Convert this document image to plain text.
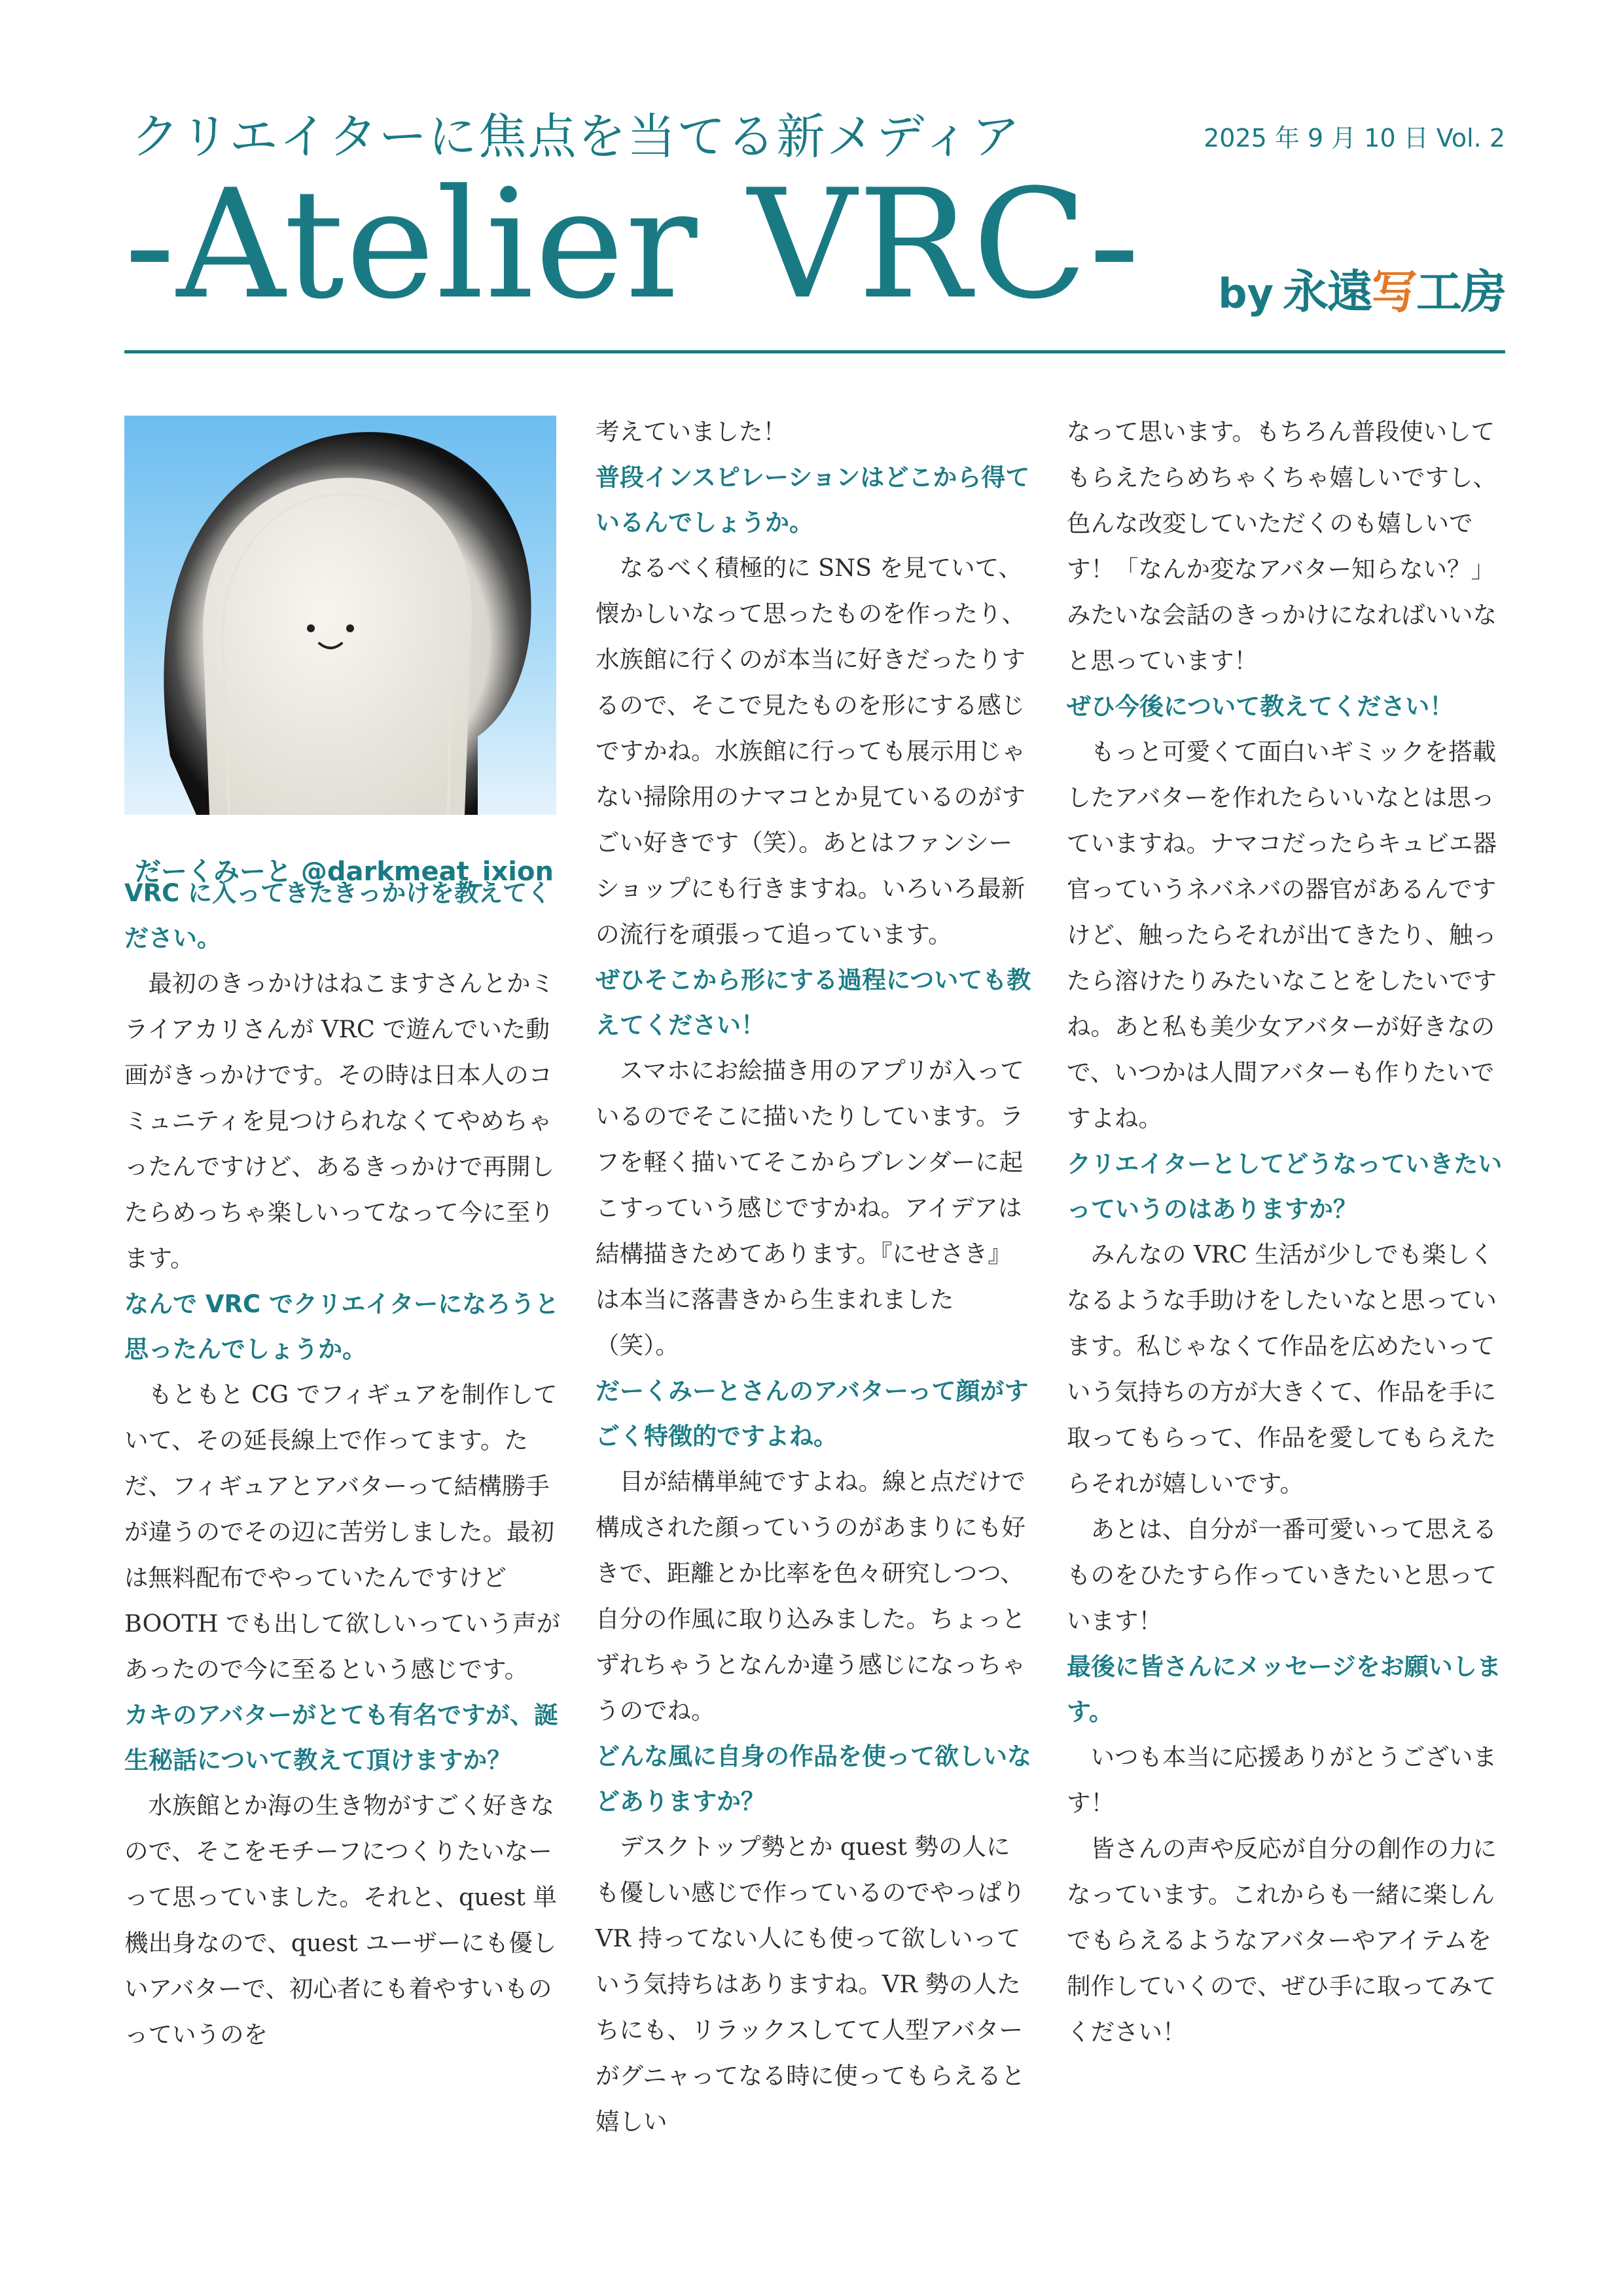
クリエイターに焦点を当てる新メディア	2025 年 9 月 10 日 Vol. 2
-Atelier VRC- by 永遠写工房
だーくみーと @darkmeat_ixion
VRC に入ってきたきっかけを教えてください。

最初のきっかけはねこますさんとかミライアカリさんが VRC で遊んでいた動画がきっかけです。その時は日本人のコミュニティを見つけられなくてやめちゃったんですけど、あるきっかけで再開したらめっちゃ楽しいってなって今に至ります。

なんで VRC でクリエイターになろうと思ったんでしょうか。

もともと CG でフィギュアを制作していて、その延長線上で作ってます。ただ、フィギュアとアバターって結構勝手が違うのでその辺に苦労しました。最初は無料配布でやっていたんですけど BOOTH でも出して欲しいっていう声があったので今に至るという感じです。

カキのアバターがとても有名ですが、誕生秘話について教えて頂けますか？

水族館とか海の生き物がすごく好きなので、そこをモチーフにつくりたいなーって思っていました。それと、quest 単機出身なので、quest ユーザーにも優しいアバターで、初心者にも着やすいものっていうのを

考えていました！

普段インスピレーションはどこから得ているんでしょうか。

なるべく積極的に SNS を見ていて、懐かしいなって思ったものを作ったり、水族館に行くのが本当に好きだったりするので、そこで見たものを形にする感じですかね。水族館に行っても展示用じゃない掃除用のナマコとか見ているのがすごい好きです（笑）。あとはファンシーショップにも行きますね。いろいろ最新の流行を頑張って追っています。

ぜひそこから形にする過程についても教えてください！

スマホにお絵描き用のアプリが入っているのでそこに描いたりしています。ラフを軽く描いてそこからブレンダーに起こすっていう感じですかね。アイデアは結構描きためてあります。『にせさき』は本当に落書きから生まれました（笑）。

だーくみーとさんのアバターって顔がすごく特徴的ですよね。

目が結構単純ですよね。線と点だけで構成された顔っていうのがあまりにも好きで、距離とか比率を色々研究しつつ、自分の作風に取り込みました。ちょっとずれちゃうとなんか違う感じになっちゃうのでね。

どんな風に自身の作品を使って欲しいなどありますか？

デスクトップ勢とか quest 勢の人にも優しい感じで作っているのでやっぱり VR 持ってない人にも使って欲しいっていう気持ちはありますね。VR 勢の人たちにも、リラックスしてて人型アバターがグニャってなる時に使ってもらえると嬉しい

なって思います。もちろん普段使いしてもらえたらめちゃくちゃ嬉しいですし、色んな改変していただくのも嬉しいです！「なんか変なアバター知らない？」みたいな会話のきっかけになればいいなと思っています！

ぜひ今後について教えてください！

もっと可愛くて面白いギミックを搭載したアバターを作れたらいいなとは思っていますね。ナマコだったらキュビエ器官っていうネバネバの器官があるんですけど、触ったらそれが出てきたり、触ったら溶けたりみたいなことをしたいですね。あと私も美少女アバターが好きなので、いつかは人間アバターも作りたいですよね。

クリエイターとしてどうなっていきたいっていうのはありますか？

みんなの VRC 生活が少しでも楽しくなるような手助けをしたいなと思っています。私じゃなくて作品を広めたいっていう気持ちの方が大きくて、作品を手に取ってもらって、作品を愛してもらえたらそれが嬉しいです。

あとは、自分が一番可愛いって思えるものをひたすら作っていきたいと思っています！

最後に皆さんにメッセージをお願いします。

いつも本当に応援ありがとうございます！

皆さんの声や反応が自分の創作の力になっています。これからも一緒に楽しんでもらえるようなアバターやアイテムを制作していくので、ぜひ手に取ってみてください！
